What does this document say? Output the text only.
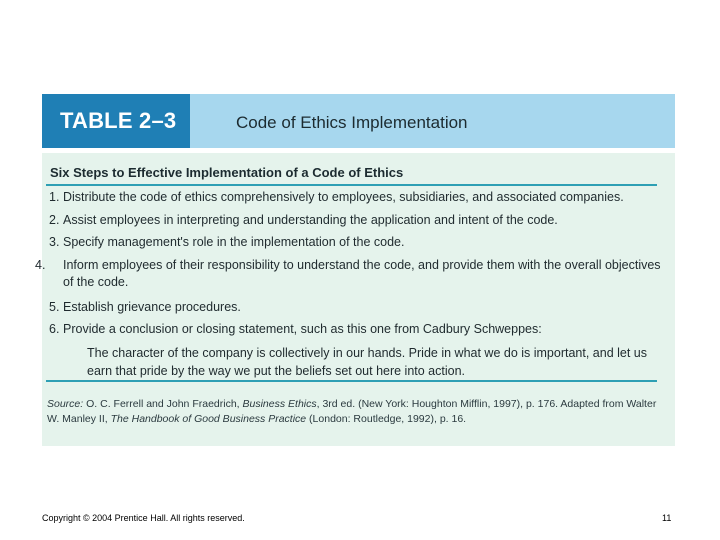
TABLE 2–3	Code of Ethics Implementation
Six Steps to Effective Implementation of a Code of Ethics
1. Distribute the code of ethics comprehensively to employees, subsidiaries, and associated companies.
2. Assist employees in interpreting and understanding the application and intent of the code.
3. Specify management's role in the implementation of the code.
4. Inform employees of their responsibility to understand the code, and provide them with the overall objectives of the code.
5. Establish grievance procedures.
6. Provide a conclusion or closing statement, such as this one from Cadbury Schweppes:
The character of the company is collectively in our hands. Pride in what we do is important, and let us earn that pride by the way we put the beliefs set out here into action.
Source: O. C. Ferrell and John Fraedrich, Business Ethics, 3rd ed. (New York: Houghton Mifflin, 1997), p. 176. Adapted from Walter W. Manley II, The Handbook of Good Business Practice (London: Routledge, 1992), p. 16.
Copyright © 2004 Prentice Hall. All rights reserved.	11
